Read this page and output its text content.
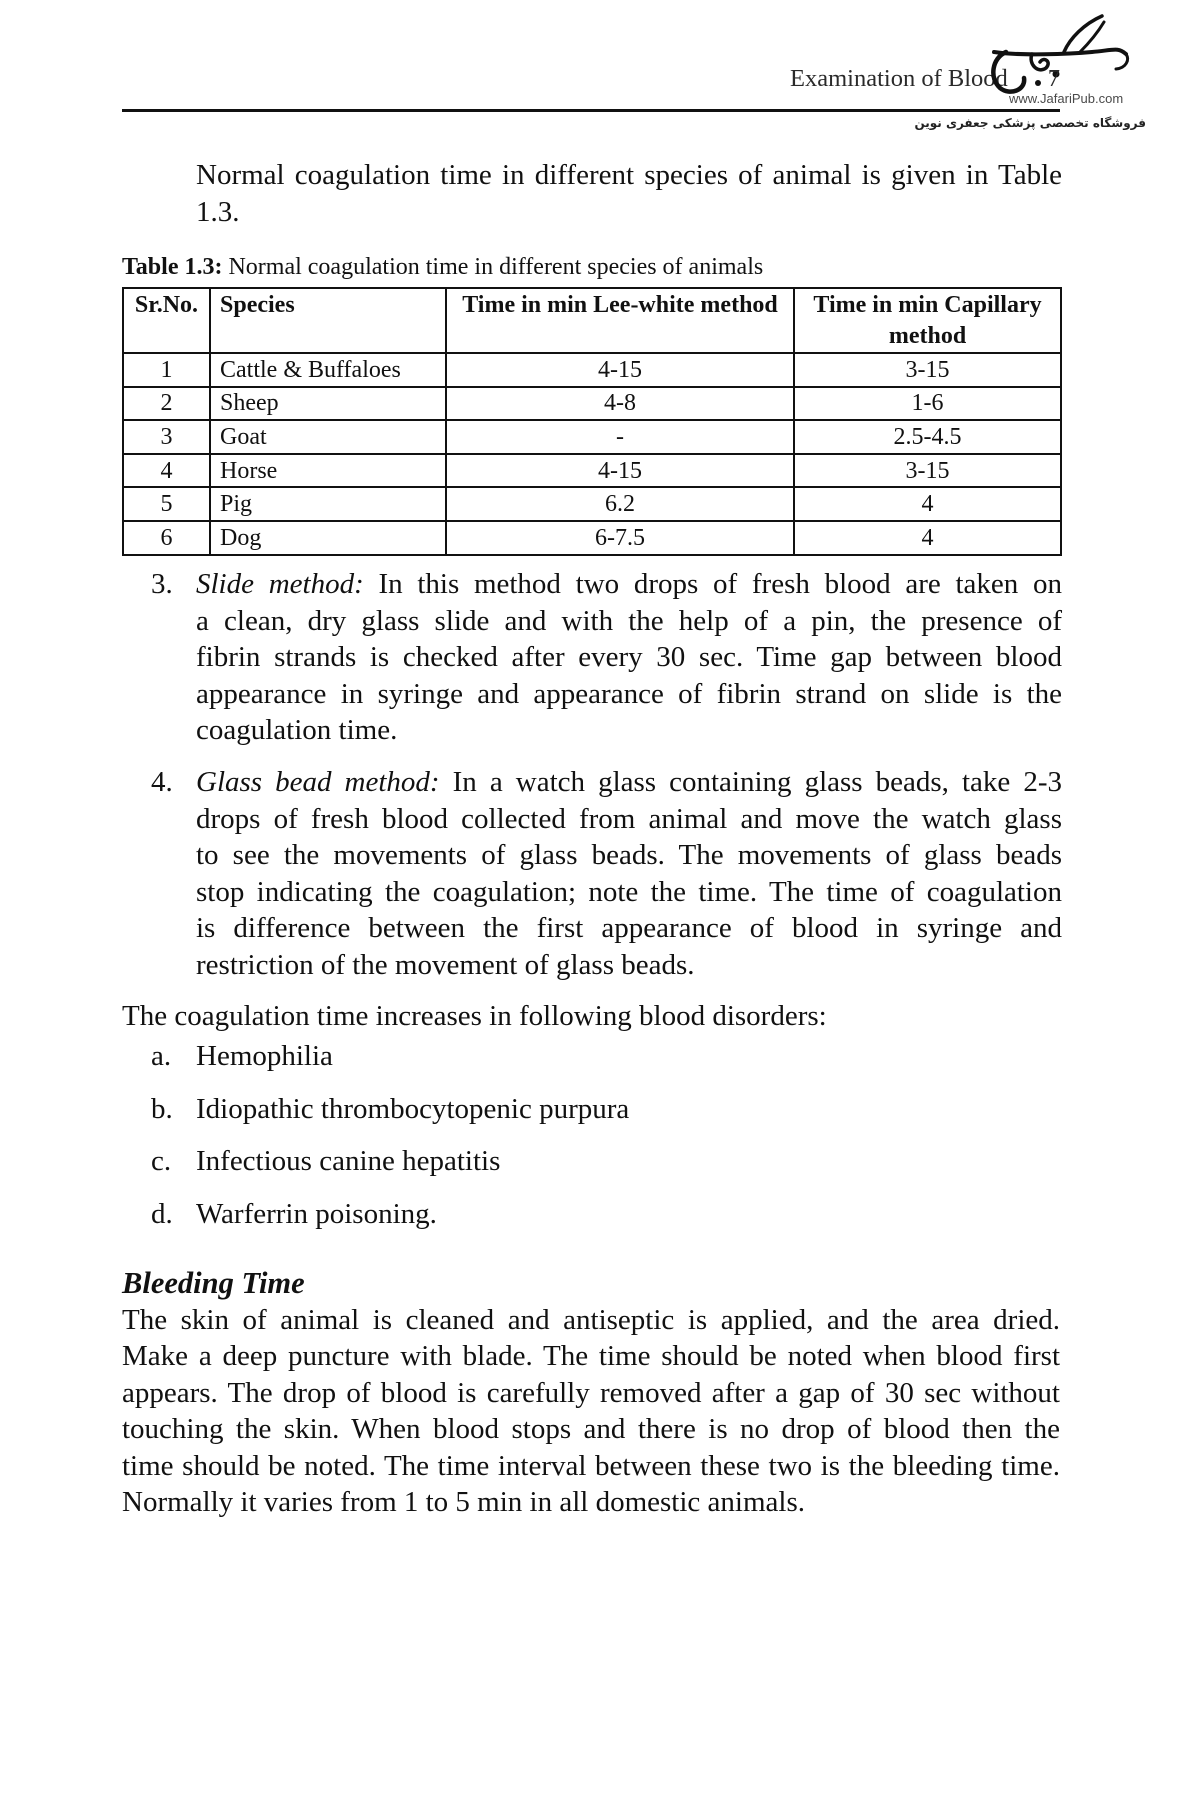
Examination of Blood 7
www.JafariPub.com
فروشگاه تخصصی پزشکی جعفری نوین
Normal coagulation time in different species of animal is given in Table
1.3.
Table 1.3: Normal coagulation time in different species of animals
Sr.No.	Species	Time in min Lee-white method	Time in min Capillary method
1	Cattle & Buffaloes	4-15	3-15
2	Sheep	4-8	1-6
3	Goat	-	2.5-4.5
4	Horse	4-15	3-15
5	Pig	6.2	4
6	Dog	6-7.5	4
3. Slide method: In this method two drops of fresh blood are taken on
a clean, dry glass slide and with the help of a pin, the presence of
fibrin strands is checked after every 30 sec. Time gap between blood
appearance in syringe and appearance of fibrin strand on slide is the
coagulation time.
4. Glass bead method: In a watch glass containing glass beads, take 2-3
drops of fresh blood collected from animal and move the watch glass
to see the movements of glass beads. The movements of glass beads
stop indicating the coagulation; note the time. The time of coagulation
is difference between the first appearance of blood in syringe and
restriction of the movement of glass beads.
The coagulation time increases in following blood disorders:
a. Hemophilia
b. Idiopathic thrombocytopenic purpura
c. Infectious canine hepatitis
d. Warferrin poisoning.
Bleeding Time
The skin of animal is cleaned and antiseptic is applied, and the area dried.
Make a deep puncture with blade. The time should be noted when blood first
appears. The drop of blood is carefully removed after a gap of 30 sec without
touching the skin. When blood stops and there is no drop of blood then the
time should be noted. The time interval between these two is the bleeding time.
Normally it varies from 1 to 5 min in all domestic animals.
